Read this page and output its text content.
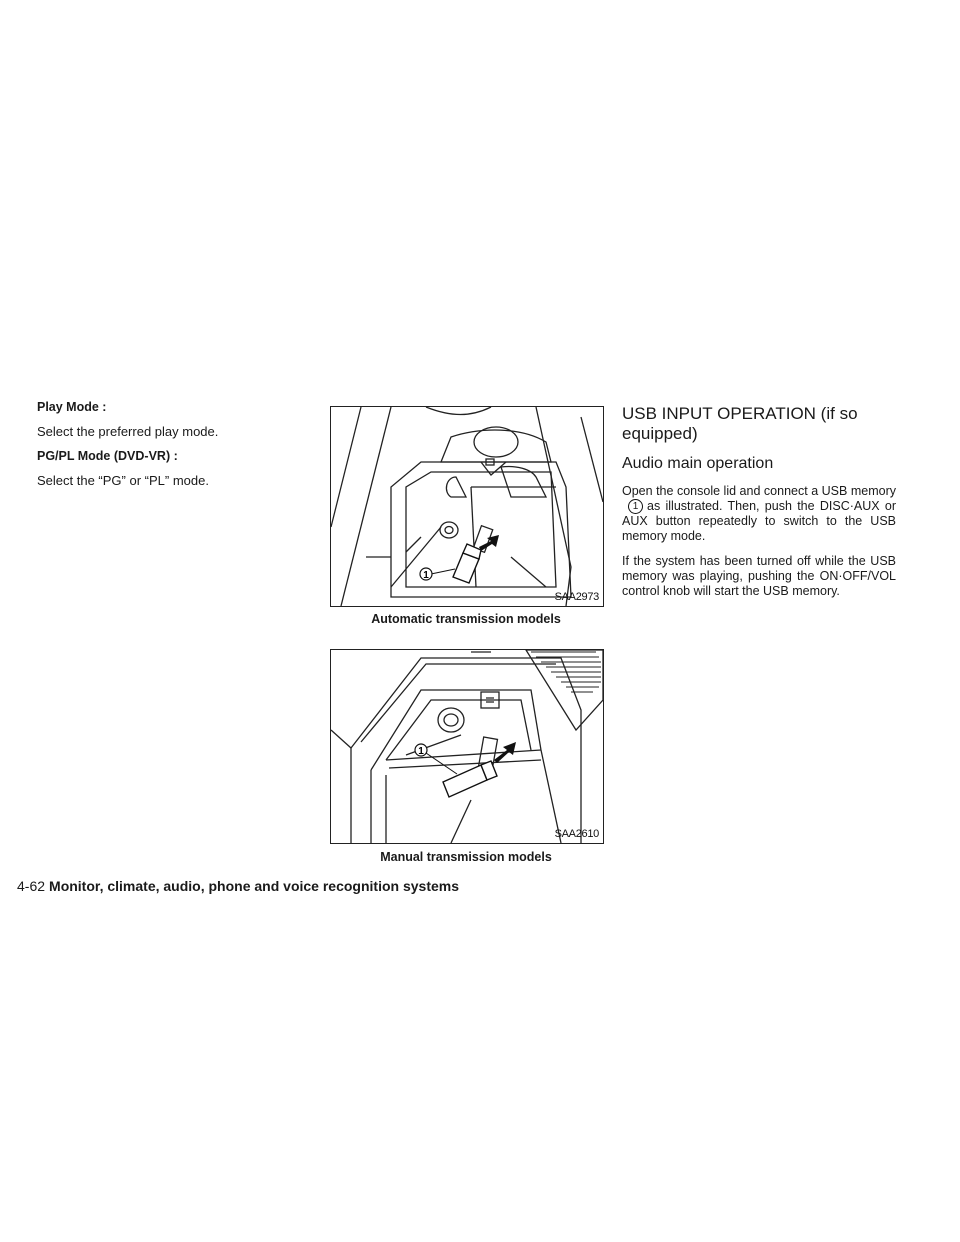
Play Mode :

Select the preferred play mode.

PG/PL Mode (DVD-VR) :

Select the “PG” or “PL” mode.

1
SAA2973
Automatic transmission models
1
SAA2610
Manual transmission models
USB INPUT OPERATION (if so equipped)
Audio main operation

Open the console lid and connect a USB memory1 as illustrated. Then, push the DISC·AUX or AUX button repeatedly to switch to the USB memory mode.

If the system has been turned off while the USB memory was playing, pushing the ON·OFF/VOL control knob will start the USB memory.

4-62 Monitor, climate, audio, phone and voice recognition systems
